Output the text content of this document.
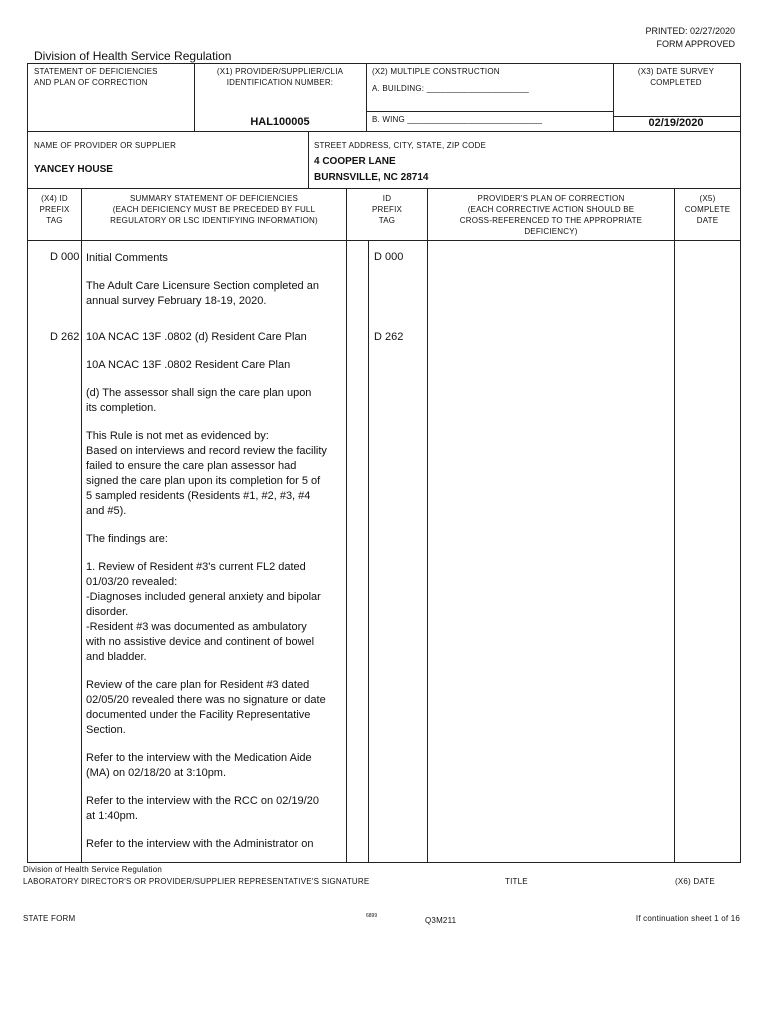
PRINTED: 02/27/2020
FORM APPROVED
Division of Health Service Regulation
STATEMENT OF DEFICIENCIES
AND PLAN OF CORRECTION
(X1) PROVIDER/SUPPLIER/CLIA
IDENTIFICATION NUMBER:
HAL100005
(X2) MULTIPLE CONSTRUCTION
A. BUILDING: ______________________
B. WING _____________________________
(X3) DATE SURVEY
COMPLETED
02/19/2020
NAME OF PROVIDER OR SUPPLIER
YANCEY HOUSE
STREET ADDRESS, CITY, STATE, ZIP CODE
4 COOPER LANE
BURNSVILLE, NC 28714
(X4) ID
PREFIX
TAG
SUMMARY STATEMENT OF DEFICIENCIES
(EACH DEFICIENCY MUST BE PRECEDED BY FULL
REGULATORY OR LSC IDENTIFYING INFORMATION)
ID
PREFIX
TAG
PROVIDER'S PLAN OF CORRECTION
(EACH CORRECTIVE ACTION SHOULD BE
CROSS-REFERENCED TO THE APPROPRIATE
DEFICIENCY)
(X5)
COMPLETE
DATE
D 000	D 000

Initial Comments

The Adult Care Licensure Section completed an
annual survey February 18-19, 2020.

D 262	D 262

10A NCAC 13F .0802 (d) Resident Care Plan

10A NCAC 13F .0802 Resident Care Plan

(d) The assessor shall sign the care plan upon
its completion.

This Rule is not met as evidenced by:
Based on interviews and record review the facility
failed to ensure the care plan assessor had
signed the care plan upon its completion for 5 of
5 sampled residents (Residents #1, #2, #3, #4
and #5).

The findings are:

1. Review of Resident #3's current FL2 dated
01/03/20 revealed:
-Diagnoses included general anxiety and bipolar
disorder.
-Resident #3 was documented as ambulatory
with no assistive device and continent of bowel
and bladder.

Review of the care plan for Resident #3 dated
02/05/20 revealed there was no signature or date
documented under the Facility Representative
Section.

Refer to the interview with the Medication Aide
(MA) on 02/18/20 at 3:10pm.

Refer to the interview with the RCC on 02/19/20
at 1:40pm.

Refer to the interview with the Administrator on

Division of Health Service Regulation
LABORATORY DIRECTOR'S OR PROVIDER/SUPPLIER REPRESENTATIVE'S SIGNATURE	TITLE	(X6) DATE
STATE FORM	6899	Q3M211	If continuation sheet 1 of 16
